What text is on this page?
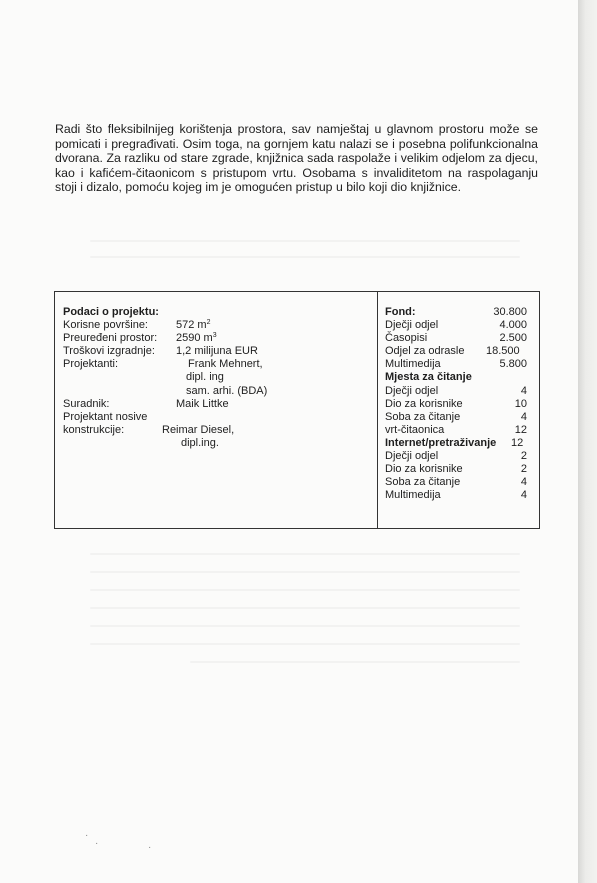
Radi što fleksibilnijeg korištenja prostora, sav namještaj u glavnom prostoru može se pomicati i pregrađivati. Osim toga, na gornjem katu nalazi se i posebna polifunkcionalna dvorana. Za razliku od stare zgrade, knjižnica sada raspolaže i velikim odjelom za djecu, kao i kafićem-čitaonicom s pristupom vrtu. Osobama s invaliditetom na raspolaganju stoji i dizalo, pomoću kojeg im je omogućen pristup u bilo koji dio knjižnice.

Podaci o projektu:
Korisne površine:	572 $m^2$
Preuređeni prostor: 2590 $m^3$
Troškovi izgradnje: 1,2 milijuna EUR
Projektanti:	Frank Mehnert,
dipl. ing
sam. arhi. (BDA)
Suradnik:	Maik Littke
Projektant nosive
konstrukcije:	Reimar Diesel,
dipl.ing.
Fond:	30.800
Dječji odjel	4.000
Časopisi	2.500
Odjel za odrasle 18.500
Multimedija	5.800
Mjesta za čitanje
Dječji odjel	4
Dio za korisnike	10
Soba za čitanje	4
vrt-čitaonica	12
Internet/pretraživanje 12
Dječji odjel	2
Dio za korisnike	2
Soba za čitanje	4
Multimedija	4
·
·	·
